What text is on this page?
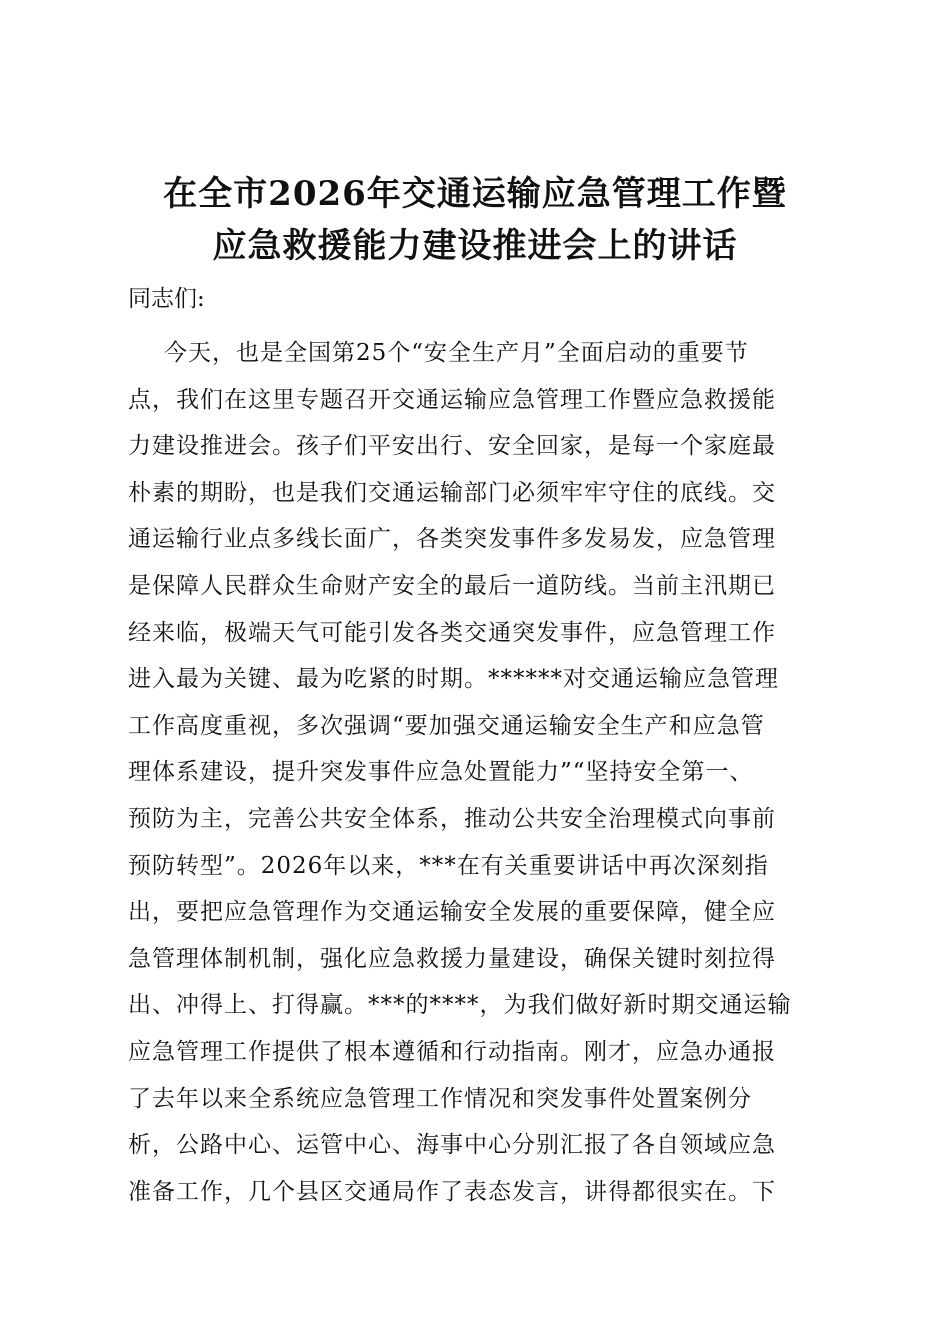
在全市2026年交通运输应急管理工作暨
应急救援能力建设推进会上的讲话
同志们:
今天，也是全国第25个“安全生产月”全面启动的重要节
点，我们在这里专题召开交通运输应急管理工作暨应急救援能
力建设推进会。孩子们平安出行、安全回家，是每一个家庭最
朴素的期盼，也是我们交通运输部门必须牢牢守住的底线。交
通运输行业点多线长面广，各类突发事件多发易发，应急管理
是保障人民群众生命财产安全的最后一道防线。当前主汛期已
经来临，极端天气可能引发各类交通突发事件，应急管理工作
进入最为关键、最为吃紧的时期。******对交通运输应急管理
工作高度重视，多次强调“要加强交通运输安全生产和应急管
理体系建设，提升突发事件应急处置能力”“坚持安全第一、
预防为主，完善公共安全体系，推动公共安全治理模式向事前
预防转型”。2026年以来，***在有关重要讲话中再次深刻指
出，要把应急管理作为交通运输安全发展的重要保障，健全应
急管理体制机制，强化应急救援力量建设，确保关键时刻拉得
出、冲得上、打得赢。***的****，为我们做好新时期交通运输
应急管理工作提供了根本遵循和行动指南。刚才，应急办通报
了去年以来全系统应急管理工作情况和突发事件处置案例分
析，公路中心、运管中心、海事中心分别汇报了各自领域应急
准备工作，几个县区交通局作了表态发言，讲得都很实在。下
